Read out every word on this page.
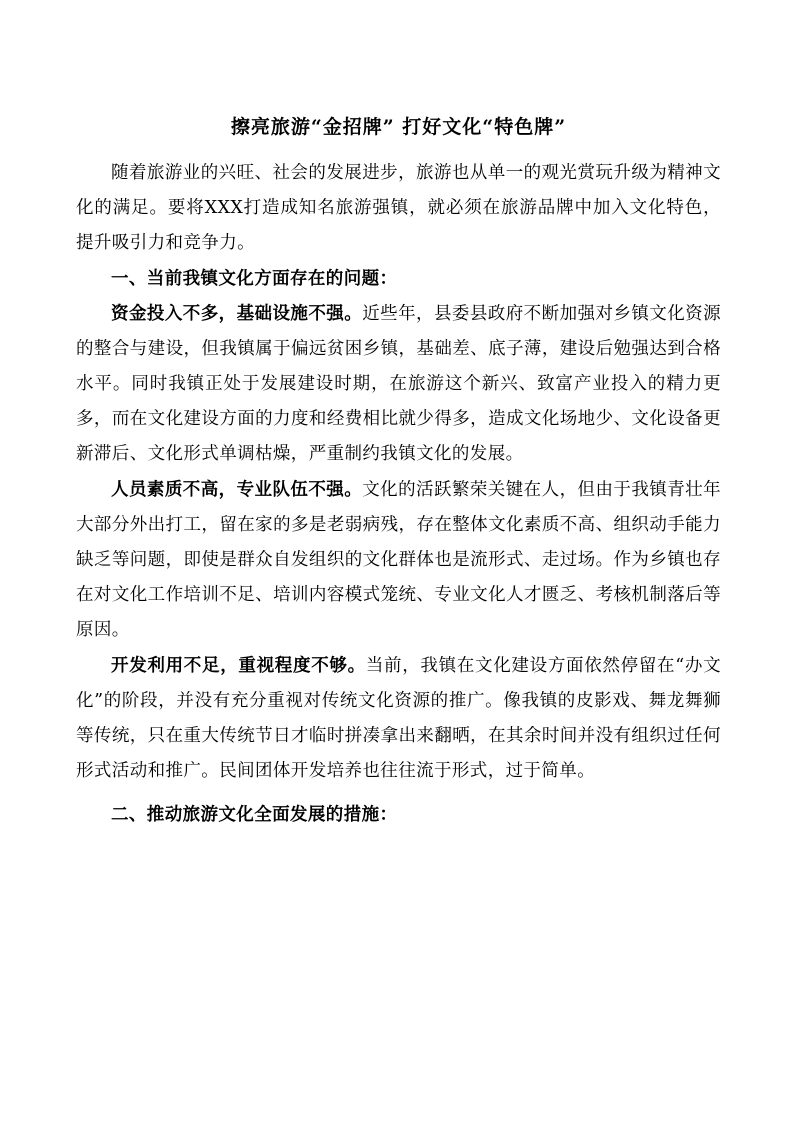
擦亮旅游“金招牌” 打好文化“特色牌”

随着旅游业的兴旺、社会的发展进步，旅游也从单一的观光赏玩升级为精神文化的满足。要将XXX打造成知名旅游强镇，就必须在旅游品牌中加入文化特色，提升吸引力和竞争力。

一、当前我镇文化方面存在的问题：

资金投入不多，基础设施不强。近些年，县委县政府不断加强对乡镇文化资源的整合与建设，但我镇属于偏远贫困乡镇，基础差、底子薄，建设后勉强达到合格水平。同时我镇正处于发展建设时期，在旅游这个新兴、致富产业投入的精力更多，而在文化建设方面的力度和经费相比就少得多，造成文化场地少、文化设备更新滞后、文化形式单调枯燥，严重制约我镇文化的发展。

人员素质不高，专业队伍不强。文化的活跃繁荣关键在人，但由于我镇青壮年大部分外出打工，留在家的多是老弱病残，存在整体文化素质不高、组织动手能力缺乏等问题，即使是群众自发组织的文化群体也是流形式、走过场。作为乡镇也存在对文化工作培训不足、培训内容模式笼统、专业文化人才匮乏、考核机制落后等原因。

开发利用不足，重视程度不够。当前，我镇在文化建设方面依然停留在“办文化”的阶段，并没有充分重视对传统文化资源的推广。像我镇的皮影戏、舞龙舞狮等传统，只在重大传统节日才临时拼凑拿出来翻晒，在其余时间并没有组织过任何形式活动和推广。民间团体开发培养也往往流于形式，过于简单。

二、推动旅游文化全面发展的措施：
